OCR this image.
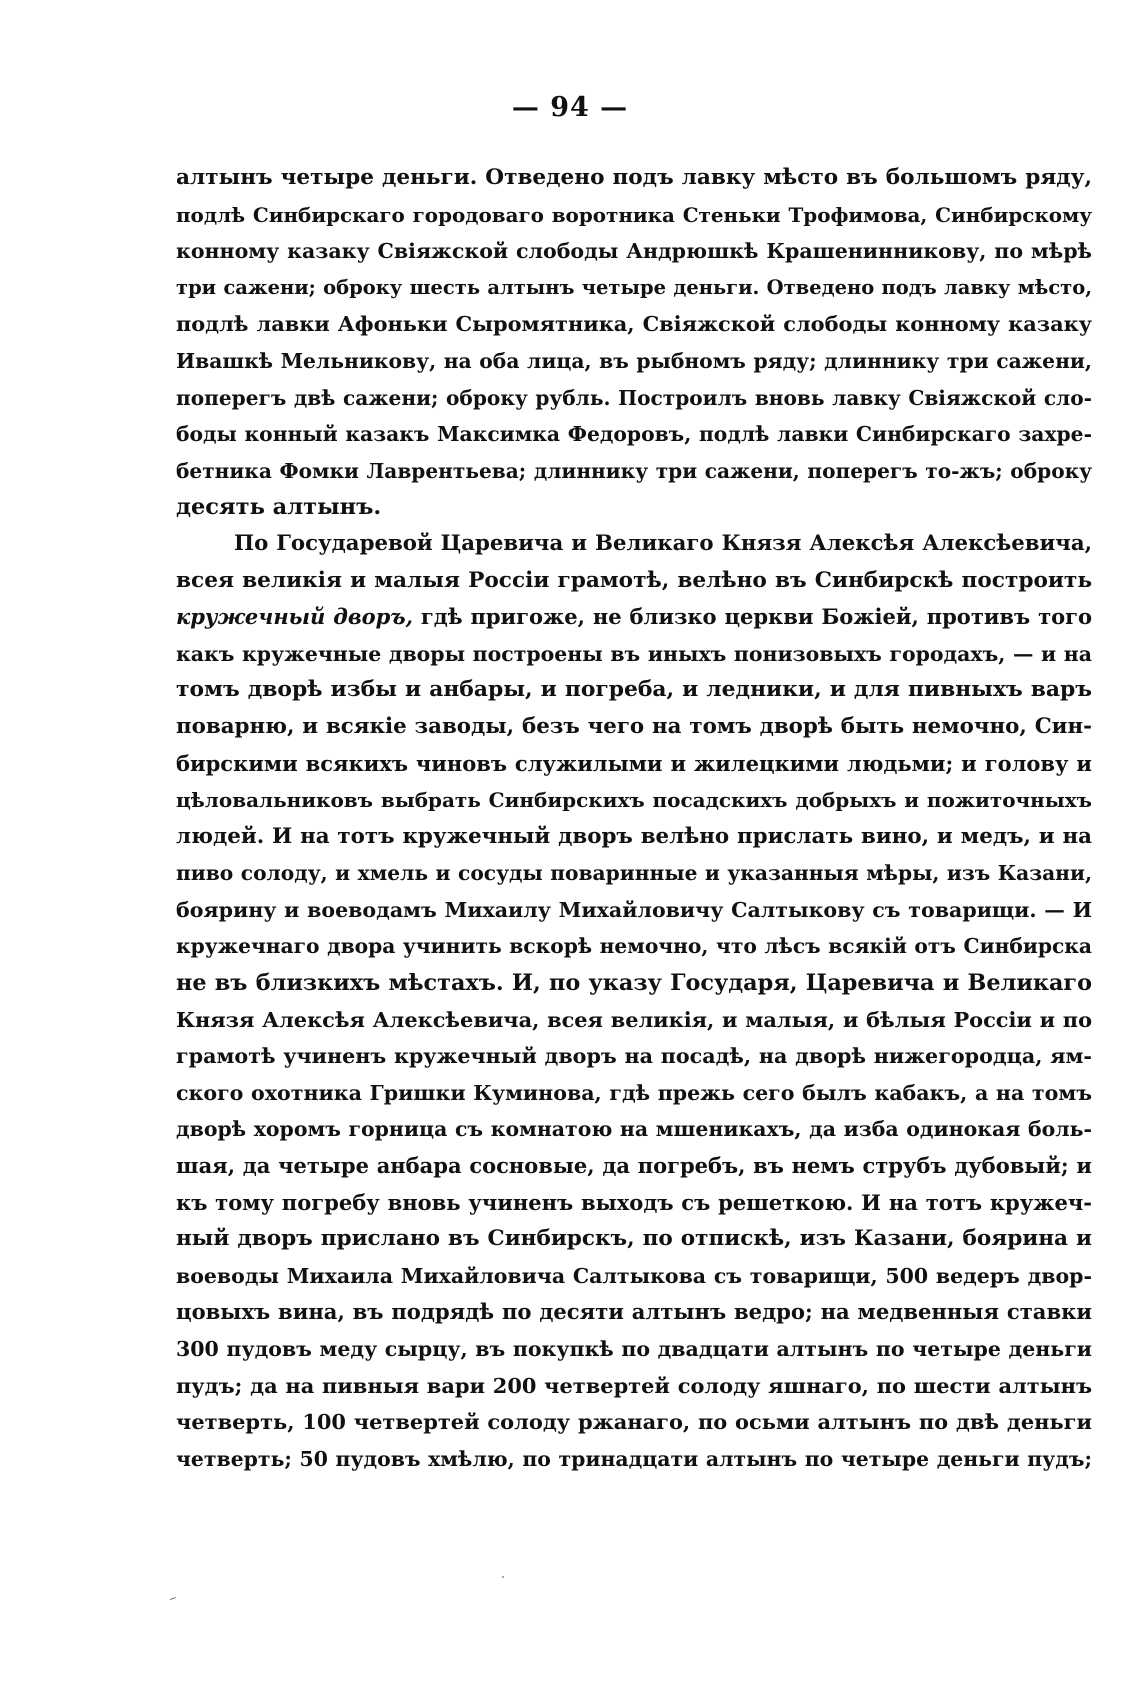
— 94 —
алтынъ четыре деньги. Отведено подъ лавку мѣсто въ большомъ ряду,
подлѣ Синбирскаго городоваго воротника Стеньки Трофимова, Синбирскому
конному казаку Свіяжской слободы Андрюшкѣ Крашенинникову, по мѣрѣ
три сажени; оброку шесть алтынъ четыре деньги. Отведено подъ лавку мѣсто,
подлѣ лавки Афоньки Сыромятника, Свіяжской слободы конному казаку
Ивашкѣ Мельникову, на оба лица, въ рыбномъ ряду; длиннику три сажени,
поперегъ двѣ сажени; оброку рубль. Построилъ вновь лавку Свіяжской сло-
боды конный казакъ Максимка Федоровъ, подлѣ лавки Синбирскаго захре-
бетника Фомки Лаврентьева; длиннику три сажени, поперегъ то-жъ; оброку
десять алтынъ.
По Государевой Царевича и Великаго Князя Алексѣя Алексѣевича,
всея великія и малыя Россіи грамотѣ, велѣно въ Синбирскѣ построить
кружечный дворъ, гдѣ пригоже, не близко церкви Божіей, противъ того
какъ кружечные дворы построены въ иныхъ понизовыхъ городахъ, — и на
томъ дворѣ избы и анбары, и погреба, и ледники, и для пивныхъ варъ
поварню, и всякіе заводы, безъ чего на томъ дворѣ быть немочно, Син-
бирскими всякихъ чиновъ служилыми и жилецкими людьми; и голову и
цѣловальниковъ выбрать Синбирскихъ посадскихъ добрыхъ и пожиточныхъ
людей. И на тотъ кружечный дворъ велѣно прислать вино, и медъ, и на
пиво солоду, и хмель и сосуды поваринные и указанныя мѣры, изъ Казани,
боярину и воеводамъ Михаилу Михайловичу Салтыкову съ товарищи. — И
кружечнаго двора учинить вскорѣ немочно, что лѣсъ всякій отъ Синбирска
не въ близкихъ мѣстахъ. И, по указу Государя, Царевича и Великаго
Князя Алексѣя Алексѣевича, всея великія, и малыя, и бѣлыя Россіи и по
грамотѣ учиненъ кружечный дворъ на посадѣ, на дворѣ нижегородца, ям-
ского охотника Гришки Куминова, гдѣ прежь сего былъ кабакъ, а на томъ
дворѣ хоромъ горница съ комнатою на мшеникахъ, да изба одинокая боль-
шая, да четыре анбара сосновые, да погребъ, въ немъ струбъ дубовый; и
къ тому погребу вновь учиненъ выходъ съ решеткою. И на тотъ кружеч-
ный дворъ прислано въ Синбирскъ, по отпискѣ, изъ Казани, боярина и
воеводы Михаила Михайловича Салтыкова съ товарищи, 500 ведеръ двор-
цовыхъ вина, въ подрядѣ по десяти алтынъ ведро; на медвенныя ставки
300 пудовъ меду сырцу, въ покупкѣ по двадцати алтынъ по четыре деньги
пудъ; да на пивныя вари 200 четвертей солоду яшнаго, по шести алтынъ
четверть, 100 четвертей солоду ржанаго, по осьми алтынъ по двѣ деньги
четверть; 50 пудовъ хмѣлю, по тринадцати алтынъ по четыре деньги пудъ;
